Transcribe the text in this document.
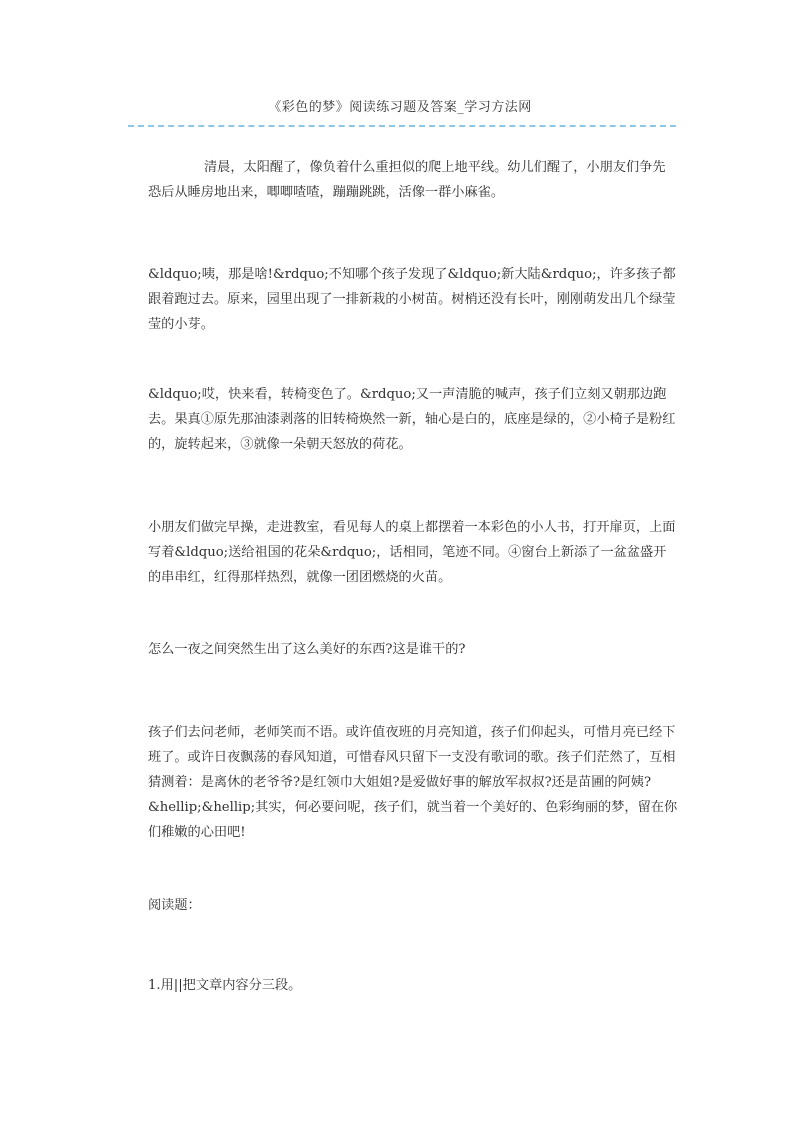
《彩色的梦》阅读练习题及答案_学习方法网
清晨，太阳醒了，像负着什么重担似的爬上地平线。幼儿们醒了，小朋友们争先恐后从睡房地出来，唧唧喳喳，蹦蹦跳跳，活像一群小麻雀。
&ldquo;咦，那是啥!&rdquo;不知哪个孩子发现了&ldquo;新大陆&rdquo;，许多孩子都跟着跑过去。原来，园里出现了一排新栽的小树苗。树梢还没有长叶，刚刚萌发出几个绿莹莹的小芽。
&ldquo;哎，快来看，转椅变色了。&rdquo;又一声清脆的喊声，孩子们立刻又朝那边跑去。果真①原先那油漆剥落的旧转椅焕然一新，轴心是白的，底座是绿的，②小椅子是粉红的，旋转起来，③就像一朵朝天怒放的荷花。
小朋友们做完早操，走进教室，看见每人的桌上都摆着一本彩色的小人书，打开扉页，上面写着&ldquo;送给祖国的花朵&rdquo;，话相同，笔迹不同。④窗台上新添了一盆盆盛开的串串红，红得那样热烈，就像一团团燃烧的火苗。
怎么一夜之间突然生出了这么美好的东西?这是谁干的?
孩子们去问老师，老师笑而不语。或许值夜班的月亮知道，孩子们仰起头，可惜月亮已经下班了。或许日夜飘荡的春风知道，可惜春风只留下一支没有歌词的歌。孩子们茫然了，互相猜测着：是离休的老爷爷?是红领巾大姐姐?是爱做好事的解放军叔叔?还是苗圃的阿姨?&hellip;&hellip;其实，何必要问呢，孩子们，就当着一个美好的、色彩绚丽的梦，留在你们稚嫩的心田吧!
阅读题：
1.用||把文章内容分三段。
